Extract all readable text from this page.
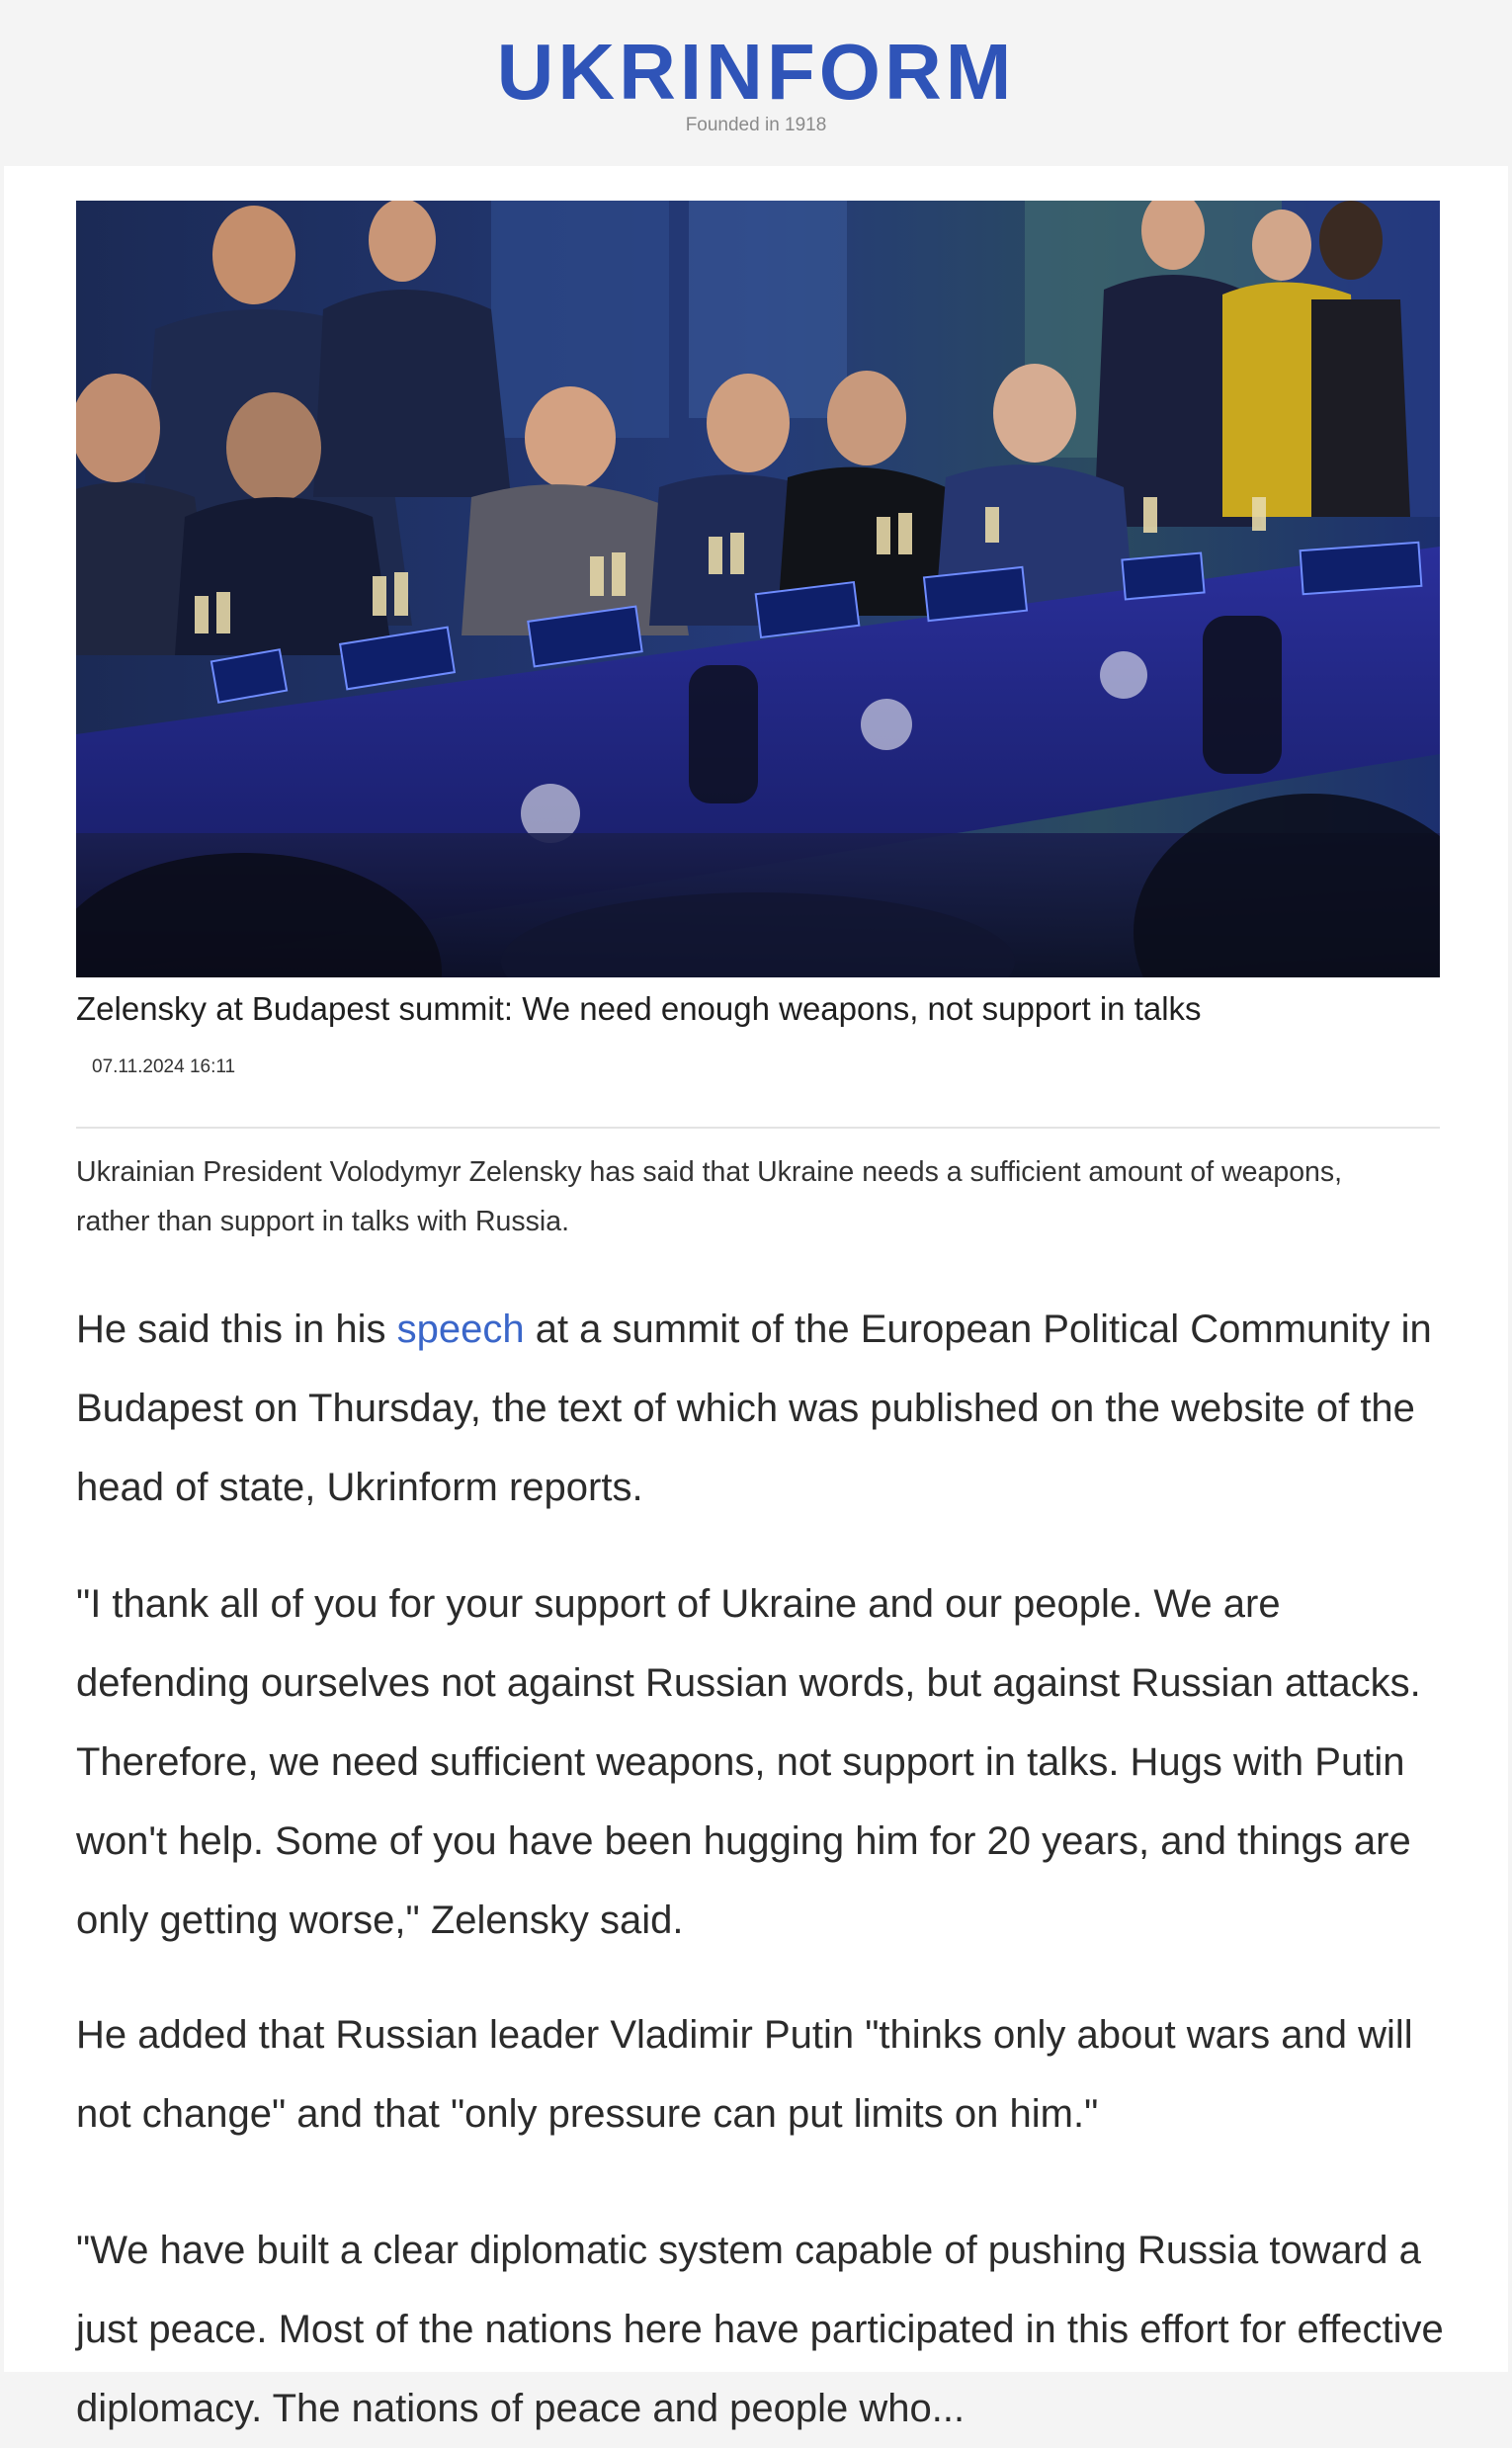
UKRINFORM
Founded in 1918
Zelensky at Budapest summit: We need enough weapons, not support in talks
07.11.2024 16:11
Ukrainian President Volodymyr Zelensky has said that Ukraine needs a sufficient amount of weapons, rather than support in talks with Russia.

He said this in his speech at a summit of the European Political Community in Budapest on Thursday, the text of which was published on the website of the head of state, Ukrinform reports.

"I thank all of you for your support of Ukraine and our people. We are defending ourselves not against Russian words, but against Russian attacks. Therefore, we need sufficient weapons, not support in talks. Hugs with Putin won't help. Some of you have been hugging him for 20 years, and things are only getting worse," Zelensky said.

He added that Russian leader Vladimir Putin "thinks only about wars and will not change" and that "only pressure can put limits on him."

"We have built a clear diplomatic system capable of pushing Russia toward a just peace. Most of the nations here have participated in this effort for effective diplomacy. The nations of peace and people who...
